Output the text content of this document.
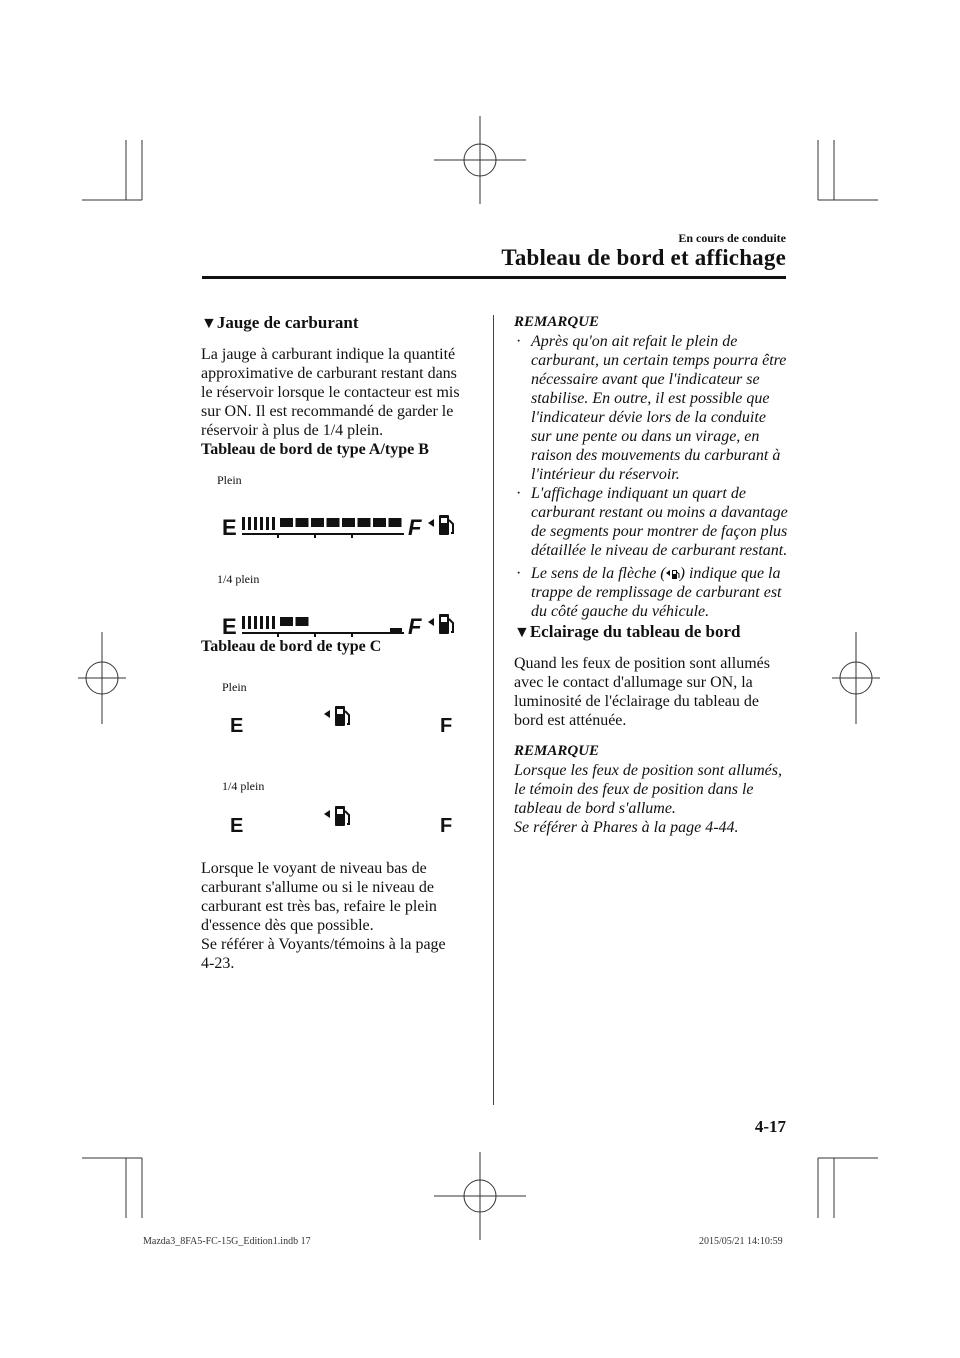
En cours de conduite
Tableau de bord et affichage
▼Jauge de carburant

La jauge à carburant indique la quantité
approximative de carburant restant dans
le réservoir lorsque le contacteur est mis
sur ON. Il est recommandé de garder le
réservoir à plus de 1/4 plein.

Tableau de bord de type A/type B

Plein
E	F
1/4 plein
E	F
Tableau de bord de type C
Plein
E	F
1/4 plein
E	F

Lorsque le voyant de niveau bas de
carburant s'allume ou si le niveau de
carburant est très bas, refaire le plein
d'essence dès que possible.
Se référer à Voyants/témoins à la page
4-23.

REMARQUE

· Après qu'on ait refait le plein de
carburant, un certain temps pourra être
nécessaire avant que l'indicateur se
stabilise. En outre, il est possible que
l'indicateur dévie lors de la conduite
sur une pente ou dans un virage, en
raison des mouvements du carburant à
l'intérieur du réservoir.
· L'affichage indiquant un quart de
carburant restant ou moins a davantage
de segments pour montrer de façon plus
détaillée le niveau de carburant restant.
· Le sens de la flèche ( ) indique que la
trappe de remplissage de carburant est
du côté gauche du véhicule.
▼Eclairage du tableau de bord

Quand les feux de position sont allumés
avec le contact d'allumage sur ON, la
luminosité de l'éclairage du tableau de
bord est atténuée.

REMARQUE

Lorsque les feux de position sont allumés,
le témoin des feux de position dans le
tableau de bord s'allume.
Se référer à Phares à la page 4-44.

4-17
Mazda3_8FA5-FC-15G_Edition1.indb 17	2015/05/21 14:10:59
